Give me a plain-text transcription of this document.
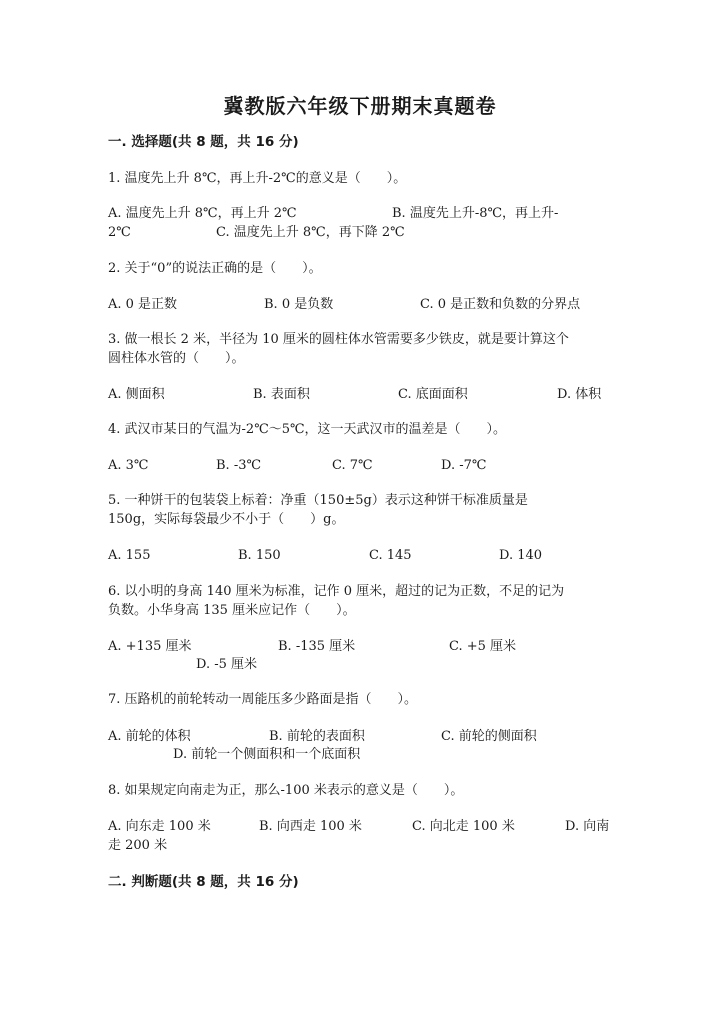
冀教版六年级下册期末真题卷
一. 选择题(共 8 题，共 16 分)
1. 温度先上升 8℃，再上升-2℃的意义是（　　）。
A. 温度先上升 8℃，再上升 2℃	B. 温度先上升-8℃，再上升-
2℃	C. 温度先上升 8℃，再下降 2℃
2. 关于“0”的说法正确的是（　　）。
A. 0 是正数	B. 0 是负数	C. 0 是正数和负数的分界点
3. 做一根长 2 米，半径为 10 厘米的圆柱体水管需要多少铁皮，就是要计算这个
圆柱体水管的（　　）。
A. 侧面积	B. 表面积	C. 底面面积	D. 体积
4. 武汉市某日的气温为-2℃～5℃，这一天武汉市的温差是（　　）。
A. 3℃	B. -3℃	C. 7℃	D. -7℃
5. 一种饼干的包装袋上标着：净重（150±5g）表示这种饼干标准质量是
150g，实际每袋最少不小于（　　）g。
A. 155	B. 150	C. 145	D. 140
6. 以小明的身高 140 厘米为标准，记作 0 厘米，超过的记为正数，不足的记为
负数。小华身高 135 厘米应记作（　　）。
A. +135 厘米	B. -135 厘米	C. +5 厘米
D. -5 厘米
7. 压路机的前轮转动一周能压多少路面是指（　　）。
A. 前轮的体积	B. 前轮的表面积	C. 前轮的侧面积
D. 前轮一个侧面积和一个底面积
8. 如果规定向南走为正，那么-100 米表示的意义是（　　）。
A. 向东走 100 米	B. 向西走 100 米	C. 向北走 100 米	D. 向南
走 200 米
二. 判断题(共 8 题，共 16 分)
